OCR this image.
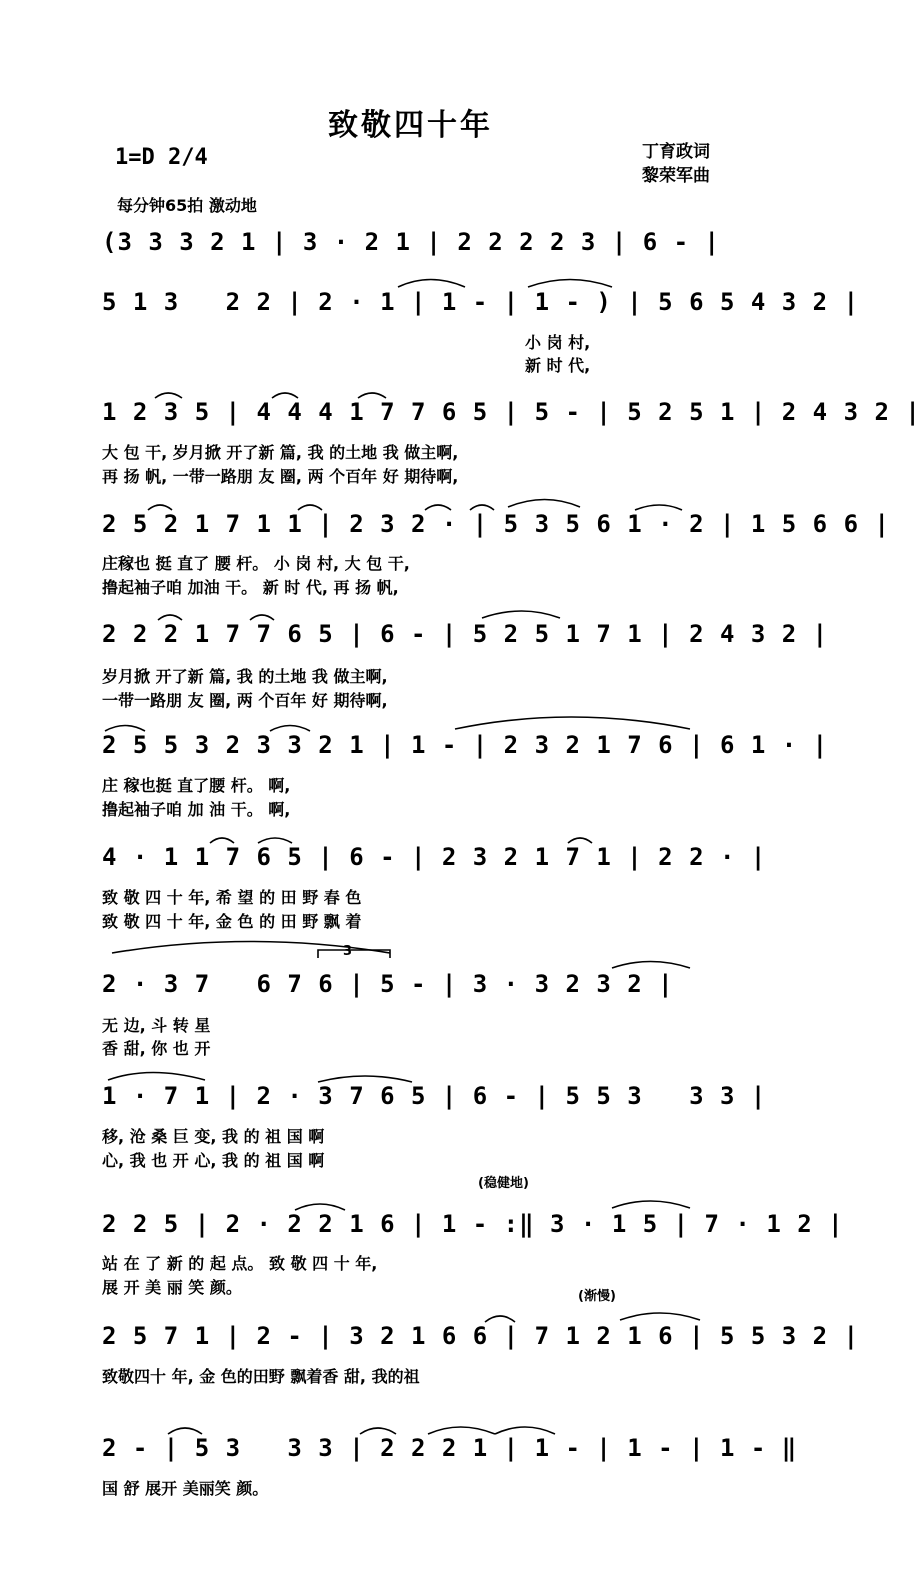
致敬四十年
1=D 2/4	丁育政词
黎荣军曲
每分钟65拍 激动地
(3 3 3 2 1 | 3 · 2 1 | 2 2 2 2 3 | 6 - |
5 1 3   2 2 | 2 · 1 | 1 - | 1 - ) | 5 6 5 4 3 2 |
小 岗 村,
新 时 代,
1 2 3 5 | 4 4 4 1 7 7 6 5 | 5 - | 5 2 5 1 | 2 4 3 2 |
大 包 干, 岁月掀 开了新 篇, 我 的土地 我 做主啊,
再 扬 帆, 一带一路朋 友 圈, 两 个百年 好 期待啊,
2 5 2 1 7 1 1 | 2 3 2 · | 5 3 5 6 1 · 2 | 1 5 6 6 |
庄稼也 挺 直了 腰 杆。 小 岗 村, 大 包 干,
撸起袖子咱 加油 干。 新 时 代, 再 扬 帆,
2 2 2 1 7 7 6 5 | 6 - | 5 2 5 1 7 1 | 2 4 3 2 |
岁月掀 开了新 篇, 我 的土地 我 做主啊,
一带一路朋 友 圈, 两 个百年 好 期待啊,
2 5 5 3 2 3 3 2 1 | 1 - | 2 3 2 1 7 6 | 6 1 · |
庄 稼也挺 直了腰 杆。 啊,
撸起袖子咱 加 油 干。 啊,
4 · 1 1 7 6 5 | 6 - | 2 3 2 1 7 1 | 2 2 · |
致 敬 四 十 年, 希 望 的 田 野 春 色
致 敬 四 十 年, 金 色 的 田 野 飘 着
3
2 · 3 7   6 7 6 | 5 - | 3 · 3 2 3 2 |
无 边, 斗 转 星
香 甜, 你 也 开
1 · 7 1 | 2 · 3 7 6 5 | 6 - | 5 5 3   3 3 |
移, 沧 桑 巨 变, 我 的 祖 国 啊
心, 我 也 开 心, 我 的 祖 国 啊
(稳健地)
2 2 5 | 2 · 2 2 1 6 | 1 - :‖ 3 · 1 5 | 7 · 1 2 |
站 在 了 新 的 起 点。 致 敬 四 十 年,
展 开 美 丽 笑 颜。	(渐慢)
2 5 7 1 | 2 - | 3 2 1 6 6 | 7 1 2 1 6 | 5 5 3 2 |
致敬四十 年, 金 色的田野 飘着香 甜, 我的祖
2 - | 5 3   3 3 | 2 2 2 1 | 1 - | 1 - | 1 - ‖
国 舒 展开 美丽笑 颜。
